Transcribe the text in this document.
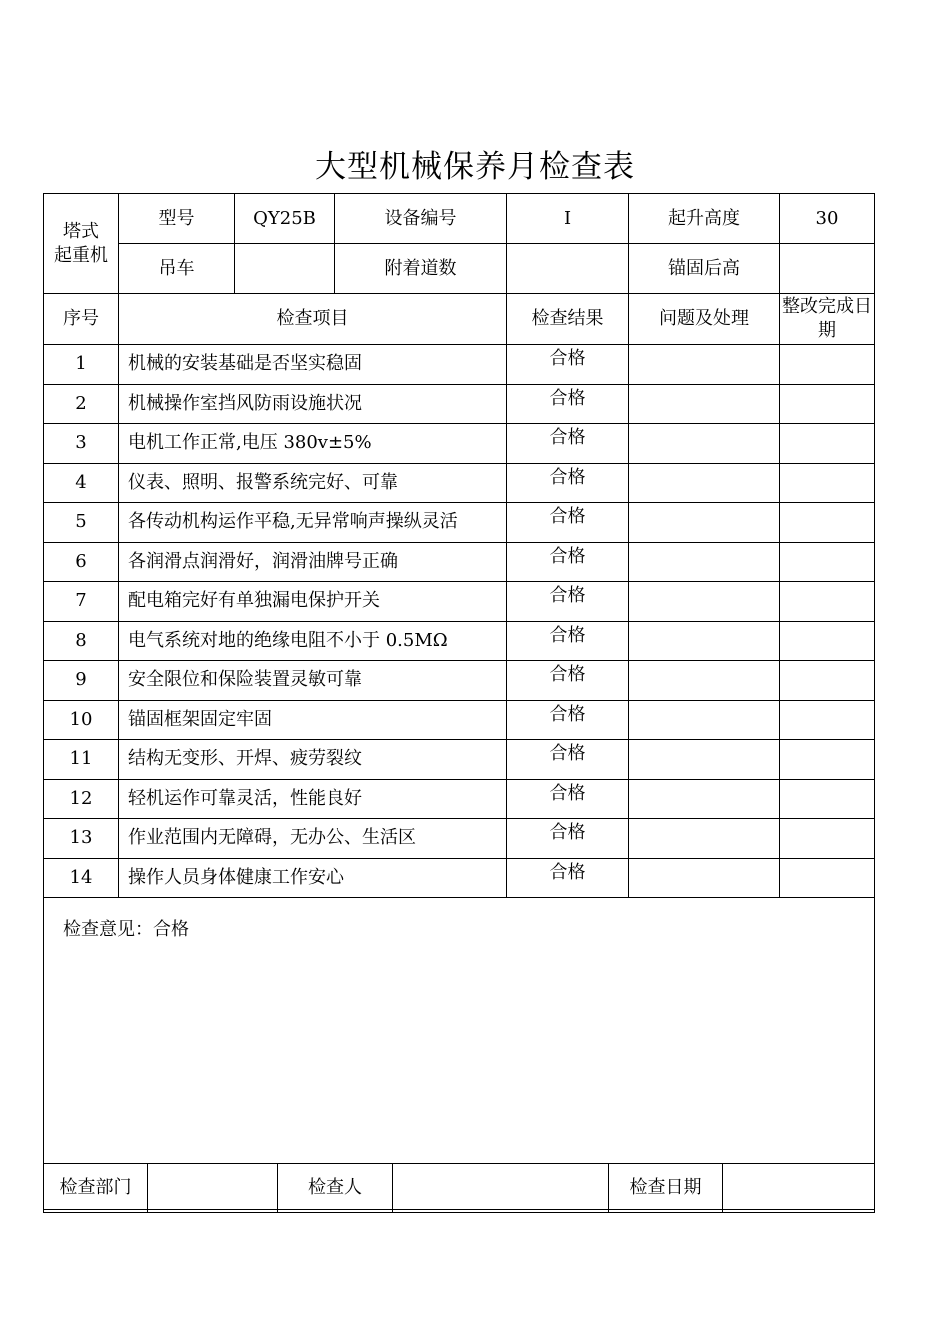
大型机械保养月检查表
塔式
起重机	型号	QY25B	设备编号	I	起升高度	30
	吊车		附着道数		锚固后高	
序号	检查项目			检查结果	问题及处理	整改完成日期
1	机械的安装基础是否坚实稳固			合格		
2	机械操作室挡风防雨设施状况			合格		
3	电机工作正常,电压 380v±5%			合格		
4	仪表、照明、报警系统完好、可靠			合格		
5	各传动机构运作平稳,无异常响声操纵灵活			合格		
6	各润滑点润滑好，润滑油牌号正确			合格		
7	配电箱完好有单独漏电保护开关			合格		
8	电气系统对地的绝缘电阻不小于 0.5MΩ			合格		
9	安全限位和保险装置灵敏可靠			合格		
10	锚固框架固定牢固			合格		
11	结构无变形、开焊、疲劳裂纹			合格		
12	轻机运作可靠灵活，性能良好			合格		
13	作业范围内无障碍，无办公、生活区			合格		
14	操作人员身体健康工作安心			合格		
检查意见：合格						
检查部门		检查人		检查日期	
